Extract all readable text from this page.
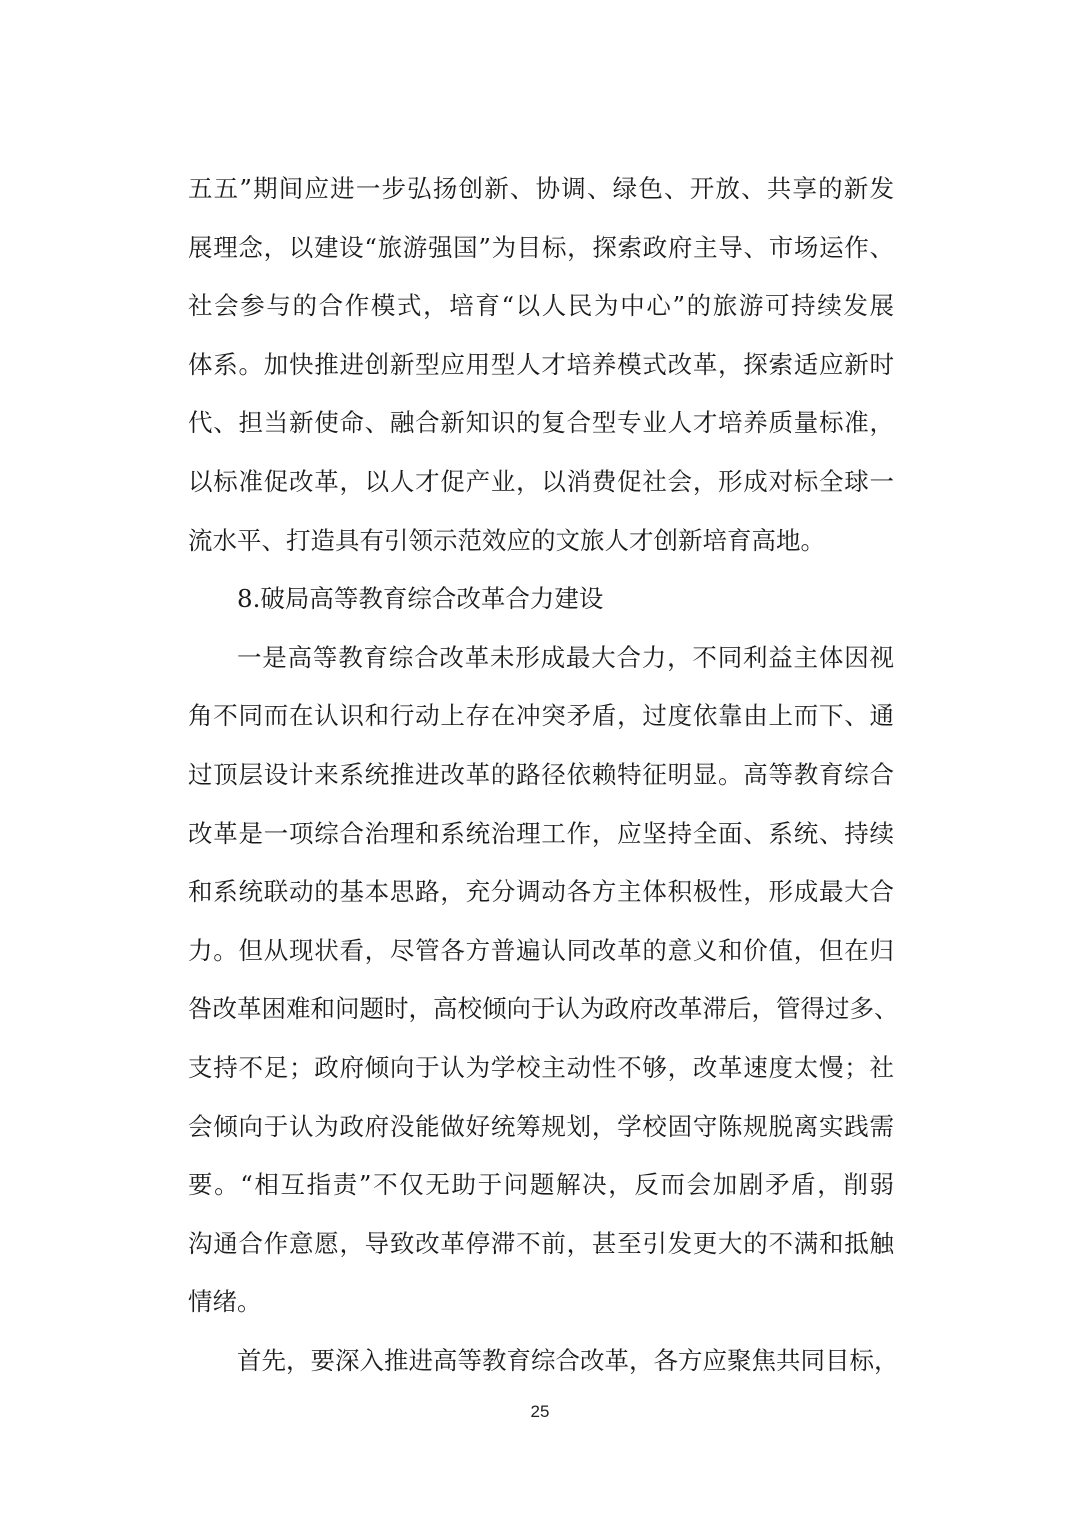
五五”期间应进一步弘扬创新、协调、绿色、开放、共享的新发
展理念，以建设“旅游强国”为目标，探索政府主导、市场运作、
社会参与的合作模式，培育“以人民为中心”的旅游可持续发展
体系。加快推进创新型应用型人才培养模式改革，探索适应新时
代、担当新使命、融合新知识的复合型专业人才培养质量标准，
以标准促改革，以人才促产业，以消费促社会，形成对标全球一
流水平、打造具有引领示范效应的文旅人才创新培育高地。
8.破局高等教育综合改革合力建设
一是高等教育综合改革未形成最大合力，不同利益主体因视
角不同而在认识和行动上存在冲突矛盾，过度依靠由上而下、通
过顶层设计来系统推进改革的路径依赖特征明显。高等教育综合
改革是一项综合治理和系统治理工作，应坚持全面、系统、持续
和系统联动的基本思路，充分调动各方主体积极性，形成最大合
力。但从现状看，尽管各方普遍认同改革的意义和价值，但在归
咎改革困难和问题时，高校倾向于认为政府改革滞后，管得过多、
支持不足；政府倾向于认为学校主动性不够，改革速度太慢；社
会倾向于认为政府没能做好统筹规划，学校固守陈规脱离实践需
要。“相互指责”不仅无助于问题解决，反而会加剧矛盾，削弱
沟通合作意愿，导致改革停滞不前，甚至引发更大的不满和抵触
情绪。
首先，要深入推进高等教育综合改革，各方应聚焦共同目标，
25
